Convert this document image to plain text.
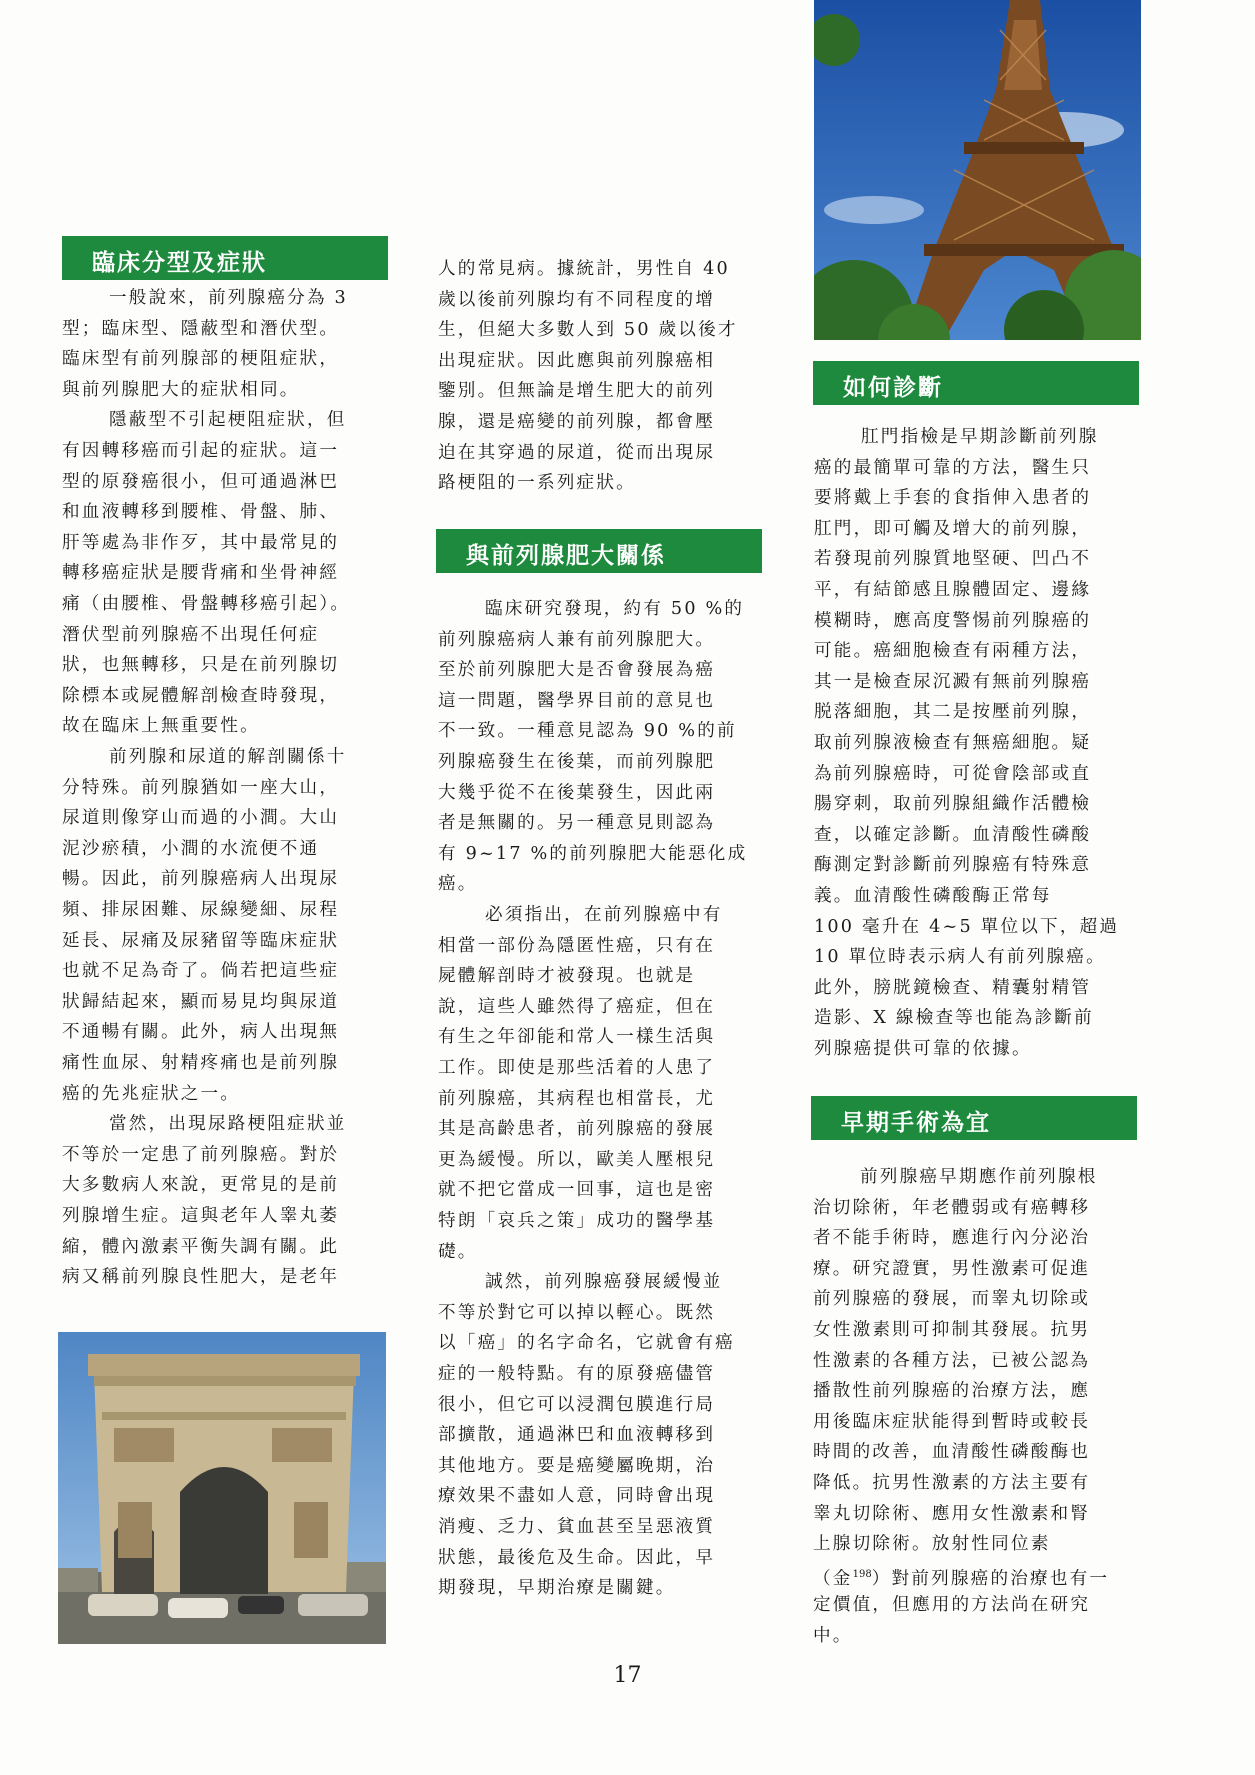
臨床分型及症狀
一般說來，前列腺癌分為 3
型；臨床型、隱蔽型和潛伏型。
臨床型有前列腺部的梗阻症狀，
與前列腺肥大的症狀相同。
隱蔽型不引起梗阻症狀，但
有因轉移癌而引起的症狀。這一
型的原發癌很小，但可通過淋巴
和血液轉移到腰椎、骨盤、肺、
肝等處為非作歹，其中最常見的
轉移癌症狀是腰背痛和坐骨神經
痛（由腰椎、骨盤轉移癌引起）。
潛伏型前列腺癌不出現任何症
狀，也無轉移，只是在前列腺切
除標本或屍體解剖檢查時發現，
故在臨床上無重要性。
前列腺和尿道的解剖關係十
分特殊。前列腺猶如一座大山，
尿道則像穿山而過的小澗。大山
泥沙瘀積，小澗的水流便不通
暢。因此，前列腺癌病人出現尿
頻、排尿困難、尿線變細、尿程
延長、尿痛及尿豬留等臨床症狀
也就不足為奇了。倘若把這些症
狀歸結起來，顯而易見均與尿道
不通暢有關。此外，病人出現無
痛性血尿、射精疼痛也是前列腺
癌的先兆症狀之一。
當然，出現尿路梗阻症狀並
不等於一定患了前列腺癌。對於
大多數病人來說，更常見的是前
列腺增生症。這與老年人睾丸萎
縮，體內激素平衡失調有關。此
病又稱前列腺良性肥大，是老年
人的常見病。據統計，男性自 40
歲以後前列腺均有不同程度的增
生，但絕大多數人到 50 歲以後才
出現症狀。因此應與前列腺癌相
鑒別。但無論是增生肥大的前列
腺，還是癌變的前列腺，都會壓
迫在其穿過的尿道，從而出現尿
路梗阻的一系列症狀。
與前列腺肥大關係
臨床研究發現，約有 50 %的
前列腺癌病人兼有前列腺肥大。
至於前列腺肥大是否會發展為癌
這一問題，醫學界目前的意見也
不一致。一種意見認為 90 %的前
列腺癌發生在後葉，而前列腺肥
大幾乎從不在後葉發生，因此兩
者是無關的。另一種意見則認為
有 9~17 %的前列腺肥大能惡化成
癌。
必須指出，在前列腺癌中有
相當一部份為隱匿性癌，只有在
屍體解剖時才被發現。也就是
說，這些人雖然得了癌症，但在
有生之年卻能和常人一樣生活與
工作。即使是那些活着的人患了
前列腺癌，其病程也相當長，尤
其是高齡患者，前列腺癌的發展
更為緩慢。所以，歐美人壓根兒
就不把它當成一回事，這也是密
特朗「哀兵之策」成功的醫學基
礎。
誠然，前列腺癌發展緩慢並
不等於對它可以掉以輕心。既然
以「癌」的名字命名，它就會有癌
症的一般特點。有的原發癌儘管
很小，但它可以浸潤包膜進行局
部擴散，通過淋巴和血液轉移到
其他地方。要是癌變屬晚期，治
療效果不盡如人意，同時會出現
消瘦、乏力、貧血甚至呈惡液質
狀態，最後危及生命。因此，早
期發現，早期治療是關鍵。
如何診斷
肛門指檢是早期診斷前列腺
癌的最簡單可靠的方法，醫生只
要將戴上手套的食指伸入患者的
肛門，即可觸及增大的前列腺，
若發現前列腺質地堅硬、凹凸不
平，有結節感且腺體固定、邊緣
模糊時，應高度警惕前列腺癌的
可能。癌細胞檢查有兩種方法，
其一是檢查尿沉澱有無前列腺癌
脱落細胞，其二是按壓前列腺，
取前列腺液檢查有無癌細胞。疑
為前列腺癌時，可從會陰部或直
腸穿刺，取前列腺組織作活體檢
查，以確定診斷。血清酸性磷酸
酶測定對診斷前列腺癌有特殊意
義。血清酸性磷酸酶正常每
100 毫升在 4~5 單位以下，超過
10 單位時表示病人有前列腺癌。
此外，膀胱鏡檢查、精囊射精管
造影、X 線檢查等也能為診斷前
列腺癌提供可靠的依據。
早期手術為宜
前列腺癌早期應作前列腺根
治切除術，年老體弱或有癌轉移
者不能手術時，應進行內分泌治
療。研究證實，男性激素可促進
前列腺癌的發展，而睾丸切除或
女性激素則可抑制其發展。抗男
性激素的各種方法，已被公認為
播散性前列腺癌的治療方法，應
用後臨床症狀能得到暫時或較長
時間的改善，血清酸性磷酸酶也
降低。抗男性激素的方法主要有
睾丸切除術、應用女性激素和腎
上腺切除術。放射性同位素
（金$^{198}$）對前列腺癌的治療也有一
定價值，但應用的方法尚在研究
中。
17
